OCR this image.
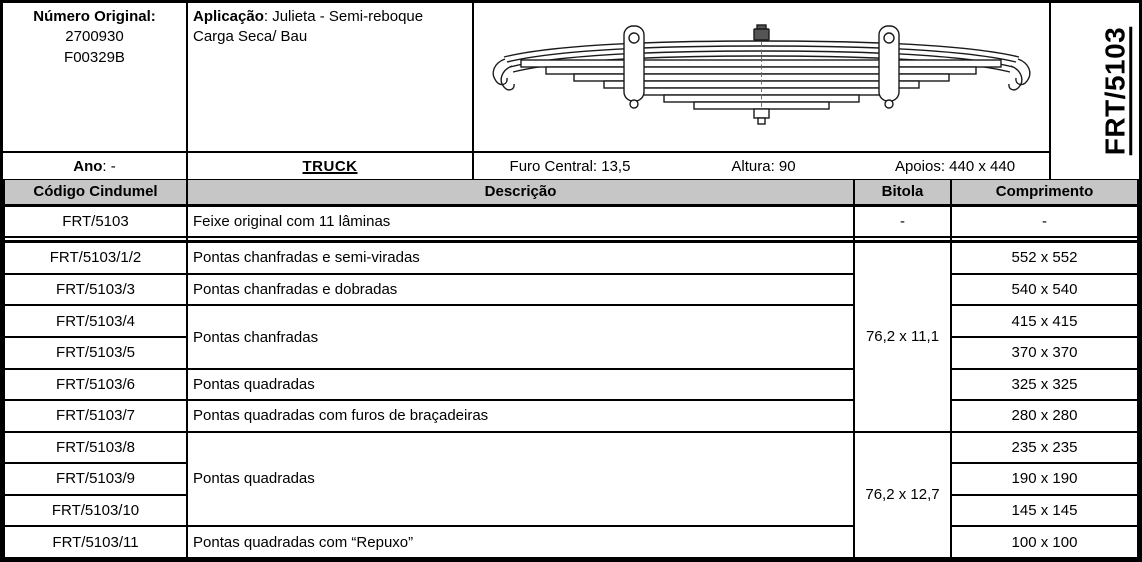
Número Original:
2700930
F00329B
Aplicação: Julieta - Semi-reboque Carga Seca/ Bau	FRT/5103
Ano : -	TRUCK	Furo Central: 13,5	Altura: 90	Apoios: 440 x 440
Código Cindumel	Descrição	Bitola	Comprimento
FRT/5103	Feixe original com 11 lâminas	-	-

FRT/5103/1/2	Pontas chanfradas e semi-viradas	76,2 x 11,1	552 x 552
FRT/5103/3	Pontas chanfradas e dobradas		540 x 540
FRT/5103/4	Pontas chanfradas		415 x 415
FRT/5103/5			370 x 370
FRT/5103/6	Pontas quadradas		325 x 325
FRT/5103/7	Pontas quadradas com furos de braçadeiras		280 x 280
FRT/5103/8	Pontas quadradas	76,2 x 12,7	235 x 235
FRT/5103/9			190 x 190
FRT/5103/10			145 x 145
FRT/5103/11	Pontas quadradas com “Repuxo”		100 x 100
